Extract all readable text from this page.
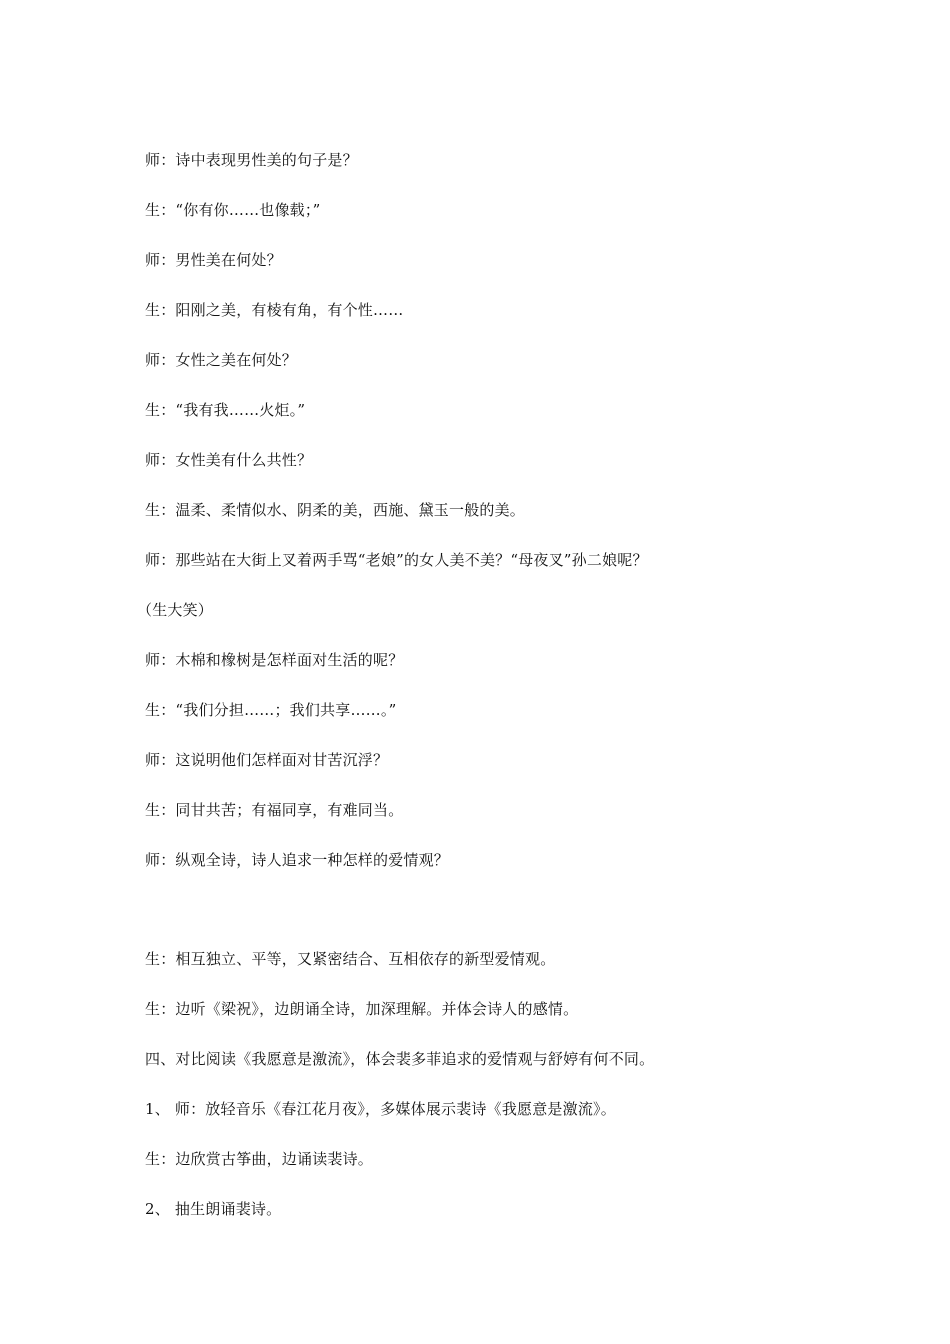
师：诗中表现男性美的句子是？
生：“你有你……也像载；”
师：男性美在何处？
生：阳刚之美，有棱有角，有个性……
师：女性之美在何处？
生：“我有我……火炬。”
师：女性美有什么共性？
生：温柔、柔情似水、阴柔的美，西施、黛玉一般的美。
师：那些站在大街上叉着两手骂“老娘”的女人美不美？“母夜叉”孙二娘呢？
（生大笑）
师：木棉和橡树是怎样面对生活的呢？
生：“我们分担……；我们共享……。”
师：这说明他们怎样面对甘苦沉浮？
生：同甘共苦；有福同享，有难同当。
师：纵观全诗，诗人追求一种怎样的爱情观？
生：相互独立、平等，又紧密结合、互相依存的新型爱情观。
生：边听《梁祝》，边朗诵全诗，加深理解。并体会诗人的感情。
四、对比阅读《我愿意是激流》，体会裴多菲追求的爱情观与舒婷有何不同。
1、 师：放轻音乐《春江花月夜》，多媒体展示裴诗《我愿意是激流》。
生：边欣赏古筝曲，边诵读裴诗。
2、 抽生朗诵裴诗。
